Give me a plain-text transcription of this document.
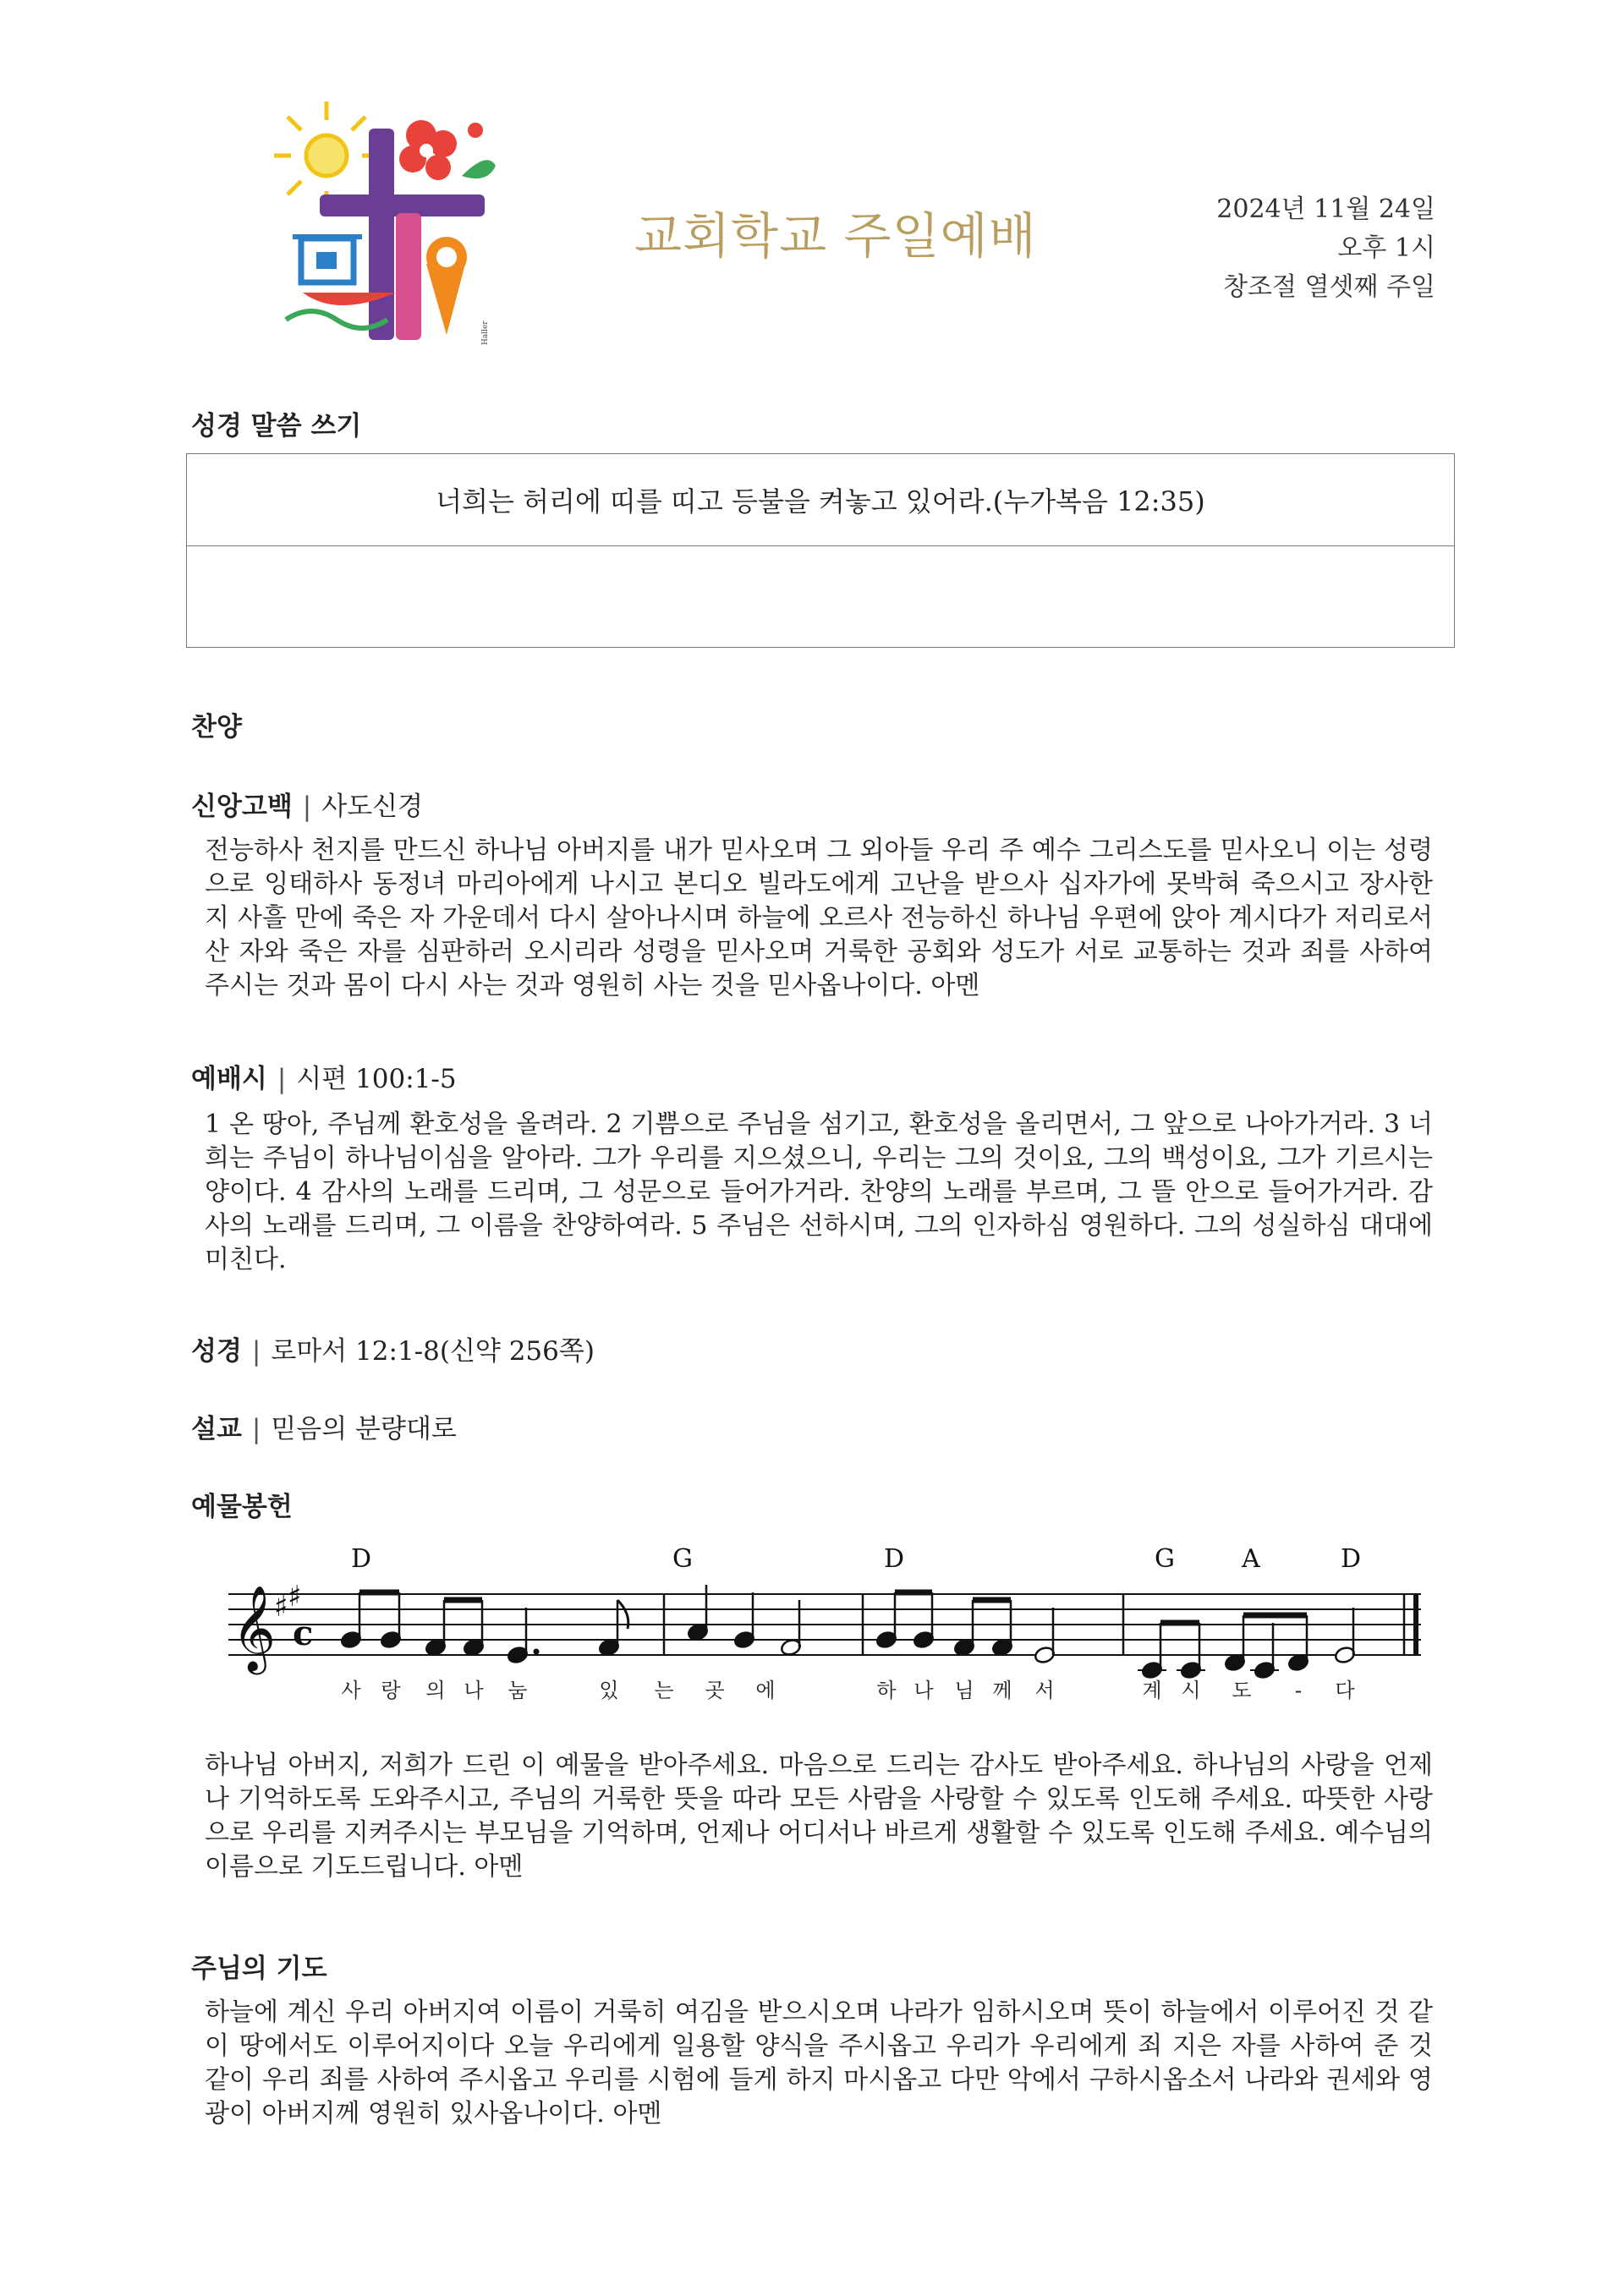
Haller
교회학교 주일예배	2024년 11월 24일
오후 1시
창조절 열셋째 주일
성경 말씀 쓰기
너희는 허리에 띠를 띠고 등불을 켜놓고 있어라.(누가복음 12:35)
찬양
신앙고백 | 사도신경
전능하사 천지를 만드신 하나님 아버지를 내가 믿사오며 그 외아들 우리 주 예수 그리스도를 믿사오니 이는 성령으로 잉태하사 동정녀 마리아에게 나시고 본디오 빌라도에게 고난을 받으사 십자가에 못박혀 죽으시고 장사한 지 사흘 만에 죽은 자 가운데서 다시 살아나시며 하늘에 오르사 전능하신 하나님 우편에 앉아 계시다가 저리로서 산 자와 죽은 자를 심판하러 오시리라 성령을 믿사오며 거룩한 공회와 성도가 서로 교통하는 것과 죄를 사하여 주시는 것과 몸이 다시 사는 것과 영원히 사는 것을 믿사옵나이다. 아멘
예배시 | 시편 100:1-5
1 온 땅아, 주님께 환호성을 올려라. 2 기쁨으로 주님을 섬기고, 환호성을 올리면서, 그 앞으로 나아가거라. 3 너희는 주님이 하나님이심을 알아라. 그가 우리를 지으셨으니, 우리는 그의 것이요, 그의 백성이요, 그가 기르시는 양이다. 4 감사의 노래를 드리며, 그 성문으로 들어가거라. 찬양의 노래를 부르며, 그 뜰 안으로 들어가거라. 감사의 노래를 드리며, 그 이름을 찬양하여라. 5 주님은 선하시며, 그의 인자하심 영원하다. 그의 성실하심 대대에 미친다.
성경 | 로마서 12:1-8(신약 256쪽)
설교 | 믿음의 분량대로
예물봉헌
D	G	D	G	A	D
𝄞
♯ ♯
c
사 랑 의 나 눔	있 는 곳 에	하 나 님 께 서	계 시 도 - 다
하나님 아버지, 저희가 드린 이 예물을 받아주세요. 마음으로 드리는 감사도 받아주세요. 하나님의 사랑을 언제나 기억하도록 도와주시고, 주님의 거룩한 뜻을 따라 모든 사람을 사랑할 수 있도록 인도해 주세요. 따뜻한 사랑으로 우리를 지켜주시는 부모님을 기억하며, 언제나 어디서나 바르게 생활할 수 있도록 인도해 주세요. 예수님의 이름으로 기도드립니다. 아멘
주님의 기도
하늘에 계신 우리 아버지여 이름이 거룩히 여김을 받으시오며 나라가 임하시오며 뜻이 하늘에서 이루어진 것 같이 땅에서도 이루어지이다 오늘 우리에게 일용할 양식을 주시옵고 우리가 우리에게 죄 지은 자를 사하여 준 것 같이 우리 죄를 사하여 주시옵고 우리를 시험에 들게 하지 마시옵고 다만 악에서 구하시옵소서 나라와 권세와 영광이 아버지께 영원히 있사옵나이다. 아멘
